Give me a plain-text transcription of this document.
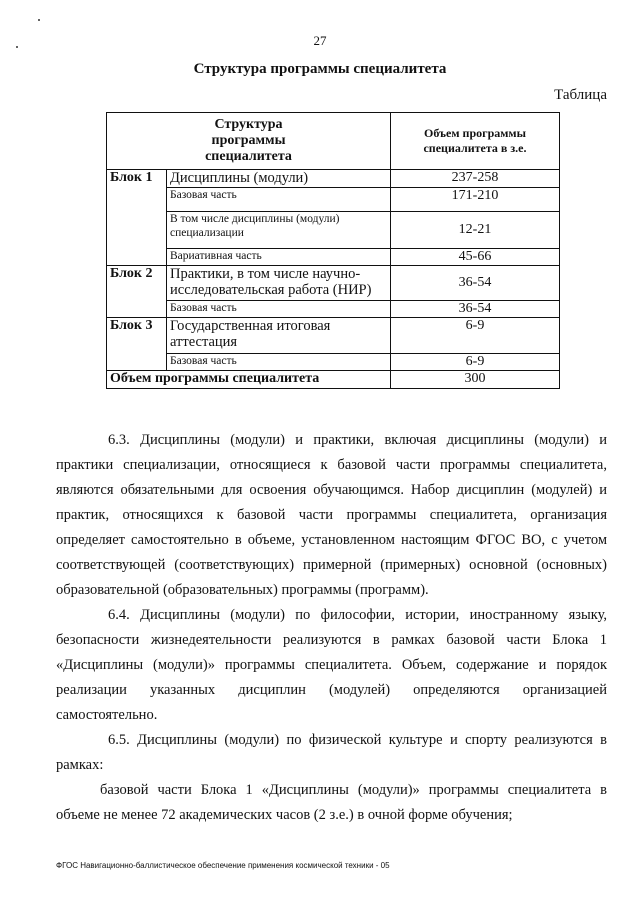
27
Структура программы специалитета
Таблица
Структура программы специалитета		Объем программы специалитета в з.е.
Блок 1	Дисциплины (модули)	237-258
	Базовая часть	171-210
	В том числе дисциплины (модули) специализации	12-21
	Вариативная часть	45-66
Блок 2	Практики, в том числе научно-исследовательская работа (НИР)	36-54
	Базовая часть	36-54
Блок 3	Государственная итоговая аттестация	6-9
	Базовая часть	6-9
Объем программы специалитета		300

6.3. Дисциплины (модули) и практики, включая дисциплины (модули) и практики специализации, относящиеся к базовой части программы специалитета, являются обязательными для освоения обучающимся. Набор дисциплин (модулей) и практик, относящихся к базовой части программы специалитета, организация определяет самостоятельно в объеме, установленном настоящим ФГОС ВО, с учетом соответствующей (соответствующих) примерной (примерных) основной (основных) образовательной (образовательных) программы (программ).

6.4. Дисциплины (модули) по философии, истории, иностранному языку, безопасности жизнедеятельности реализуются в рамках базовой части Блока 1 «Дисциплины (модули)» программы специалитета. Объем, содержание и порядок реализации указанных дисциплин (модулей) определяются организацией самостоятельно.

6.5. Дисциплины (модули) по физической культуре и спорту реализуются в рамках:

базовой части Блока 1 «Дисциплины (модули)» программы специалитета в объеме не менее 72 академических часов (2 з.е.) в очной форме обучения;

ФГОС Навигационно-баллистическое обеспечение применения космической техники - 05
